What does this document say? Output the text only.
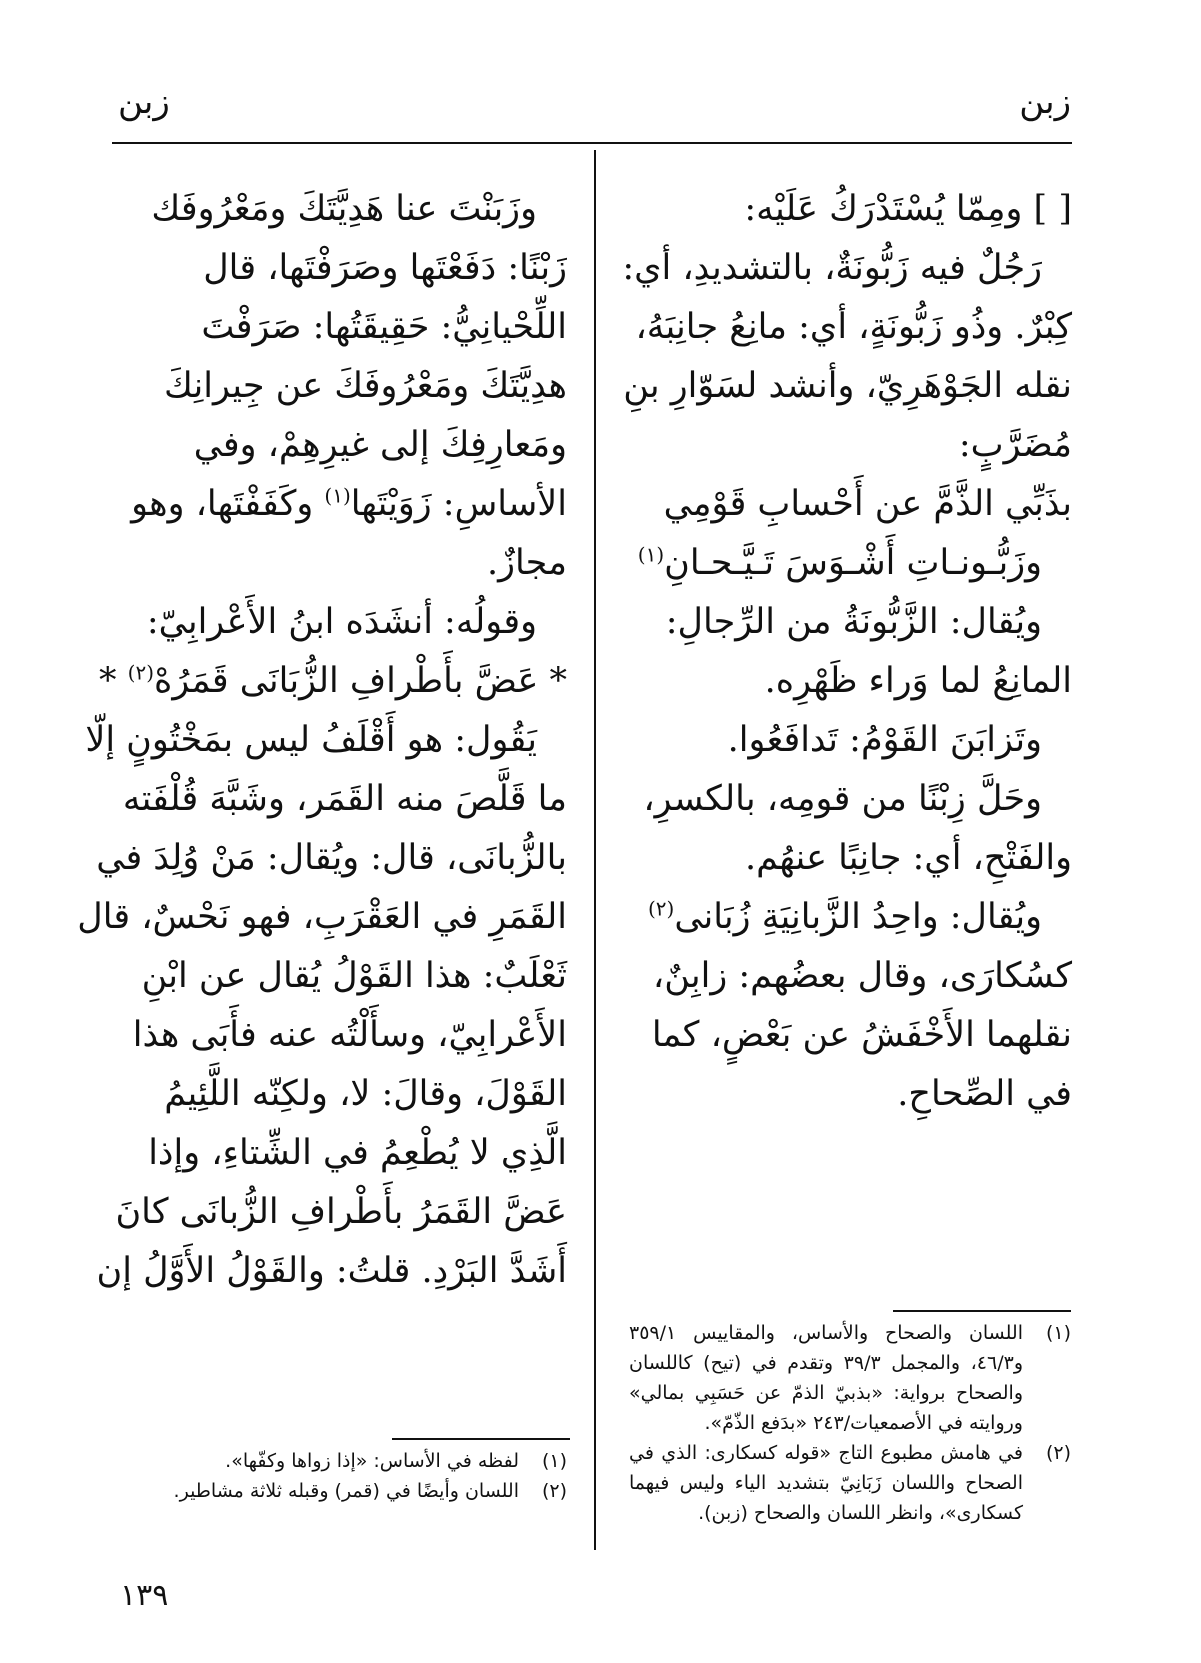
زبن
زبن
[ ] ومِمّا يُسْتَدْرَكُ عَلَيْه:
رَجُلٌ فيه زَبُّونَةٌ، بالتشديدِ، أي:
كِبْرٌ. وذُو زَبُّونَةٍ، أي: مانِعُ جانِبَهُ،
نقله الجَوْهَرِيّ، وأنشد لسَوّارِ بنِ
مُضَرَّبٍ:
بذَبِّي الذَّمَّ عن أَحْسابِ قَوْمِي
وزَبُّـونـاتِ أَشْـوَسَ تَـيَّـحـانِ$^{(١)}$
ويُقال: الزَّبُّونَةُ من الرِّجالِ:
المانِعُ لما وَراء ظَهْرِه.
وتَزابَنَ القَوْمُ: تَدافَعُوا.
وحَلَّ زِبْنًا من قومِه، بالكسرِ،
والفَتْحِ، أي: جانِبًا عنهُم.
ويُقال: واحِدُ الزَّبانِيَةِ زُبَانى$^{(٢)}$
كسُكارَى، وقال بعضُهم: زابِنٌ،
نقلهما الأَخْفَشُ عن بَعْضٍ، كما
في الصِّحاحِ.
وزَبَنْتَ عنا هَدِيَّتَكَ ومَعْرُوفَك
زَبْنًا: دَفَعْتَها وصَرَفْتَها، قال
اللِّحْيانِيُّ: حَقِيقَتُها: صَرَفْتَ
هدِيَّتَكَ ومَعْرُوفَكَ عن جِيرانِكَ
ومَعارِفِكَ إلى غيرِهِمْ، وفي
الأساسِ: زَوَيْتَها$^{(١)}$ وكَفَفْتَها، وهو
مجازٌ.
وقولُه: أنشَدَه ابنُ الأَعْرابِيّ:
* عَضَّ بأَطْرافِ الزُّبَانَى قَمَرُهْ$^{(٢)}$ *
يَقُول: هو أَقْلَفُ ليس بمَخْتُونٍ إلّا
ما قَلَّصَ منه القَمَر، وشَبَّهَ قُلْفَته
بالزُّبانَى، قال: ويُقال: مَنْ وُلِدَ في
القَمَرِ في العَقْرَبِ، فهو نَحْسٌ، قال
ثَعْلَبٌ: هذا القَوْلُ يُقال عن ابْنِ
الأَعْرابِيّ، وسأَلْتُه عنه فأَبَى هذا
القَوْلَ، وقالَ: لا، ولكِنّه اللَّئِيمُ
الَّذِي لا يُطْعِمُ في الشِّتاءِ، وإذا
عَضَّ القَمَرُ بأَطْرافِ الزُّبانَى كانَ
أَشَدَّ البَرْدِ. قلتُ: والقَوْلُ الأَوَّلُ إن
(١)
اللسان والصحاح والأساس، والمقاييس ٣٥٩/١ و٤٦/٣، والمجمل ٣٩/٣ وتقدم في (تيح) كاللسان والصحاح برواية: «بذبيّ الذمّ عن حَسَبِي بمالي» وروايته في الأصمعيات/٢٤٣ «بدَفع الذّمّ».
(٢)
في هامش مطبوع التاج «قوله كسكارى: الذي في الصحاح واللسان زَبَانِيّ بتشديد الياء وليس فيهما كسكارى»، وانظر اللسان والصحاح (زبن).
(١)
لفظه في الأساس: «إذا زواها وكفّها».
(٢)
اللسان وأيضًا في (قمر) وقبله ثلاثة مشاطير.
١٣٩
